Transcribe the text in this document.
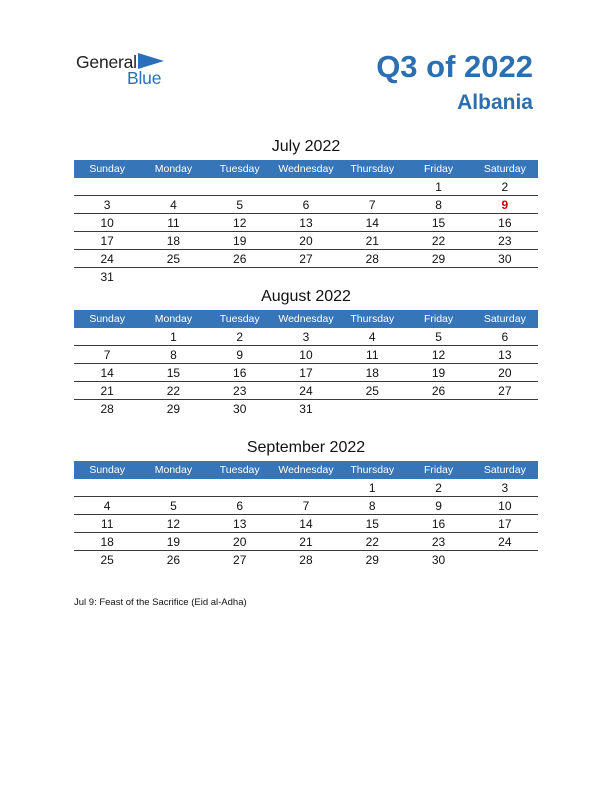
General
Blue	Q3 of 2022
Albania
July 2022
Sunday	Monday	Tuesday	Wednesday	Thursday	Friday	Saturday
					1	2
3	4	5	6	7	8	9
10	11	12	13	14	15	16
17	18	19	20	21	22	23
24	25	26	27	28	29	30
31						
August 2022
Sunday	Monday	Tuesday	Wednesday	Thursday	Friday	Saturday
	1	2	3	4	5	6
7	8	9	10	11	12	13
14	15	16	17	18	19	20
21	22	23	24	25	26	27
28	29	30	31			
September 2022
Sunday	Monday	Tuesday	Wednesday	Thursday	Friday	Saturday
				1	2	3
4	5	6	7	8	9	10
11	12	13	14	15	16	17
18	19	20	21	22	23	24
25	26	27	28	29	30	
Jul 9: Feast of the Sacrifice (Eid al-Adha)
